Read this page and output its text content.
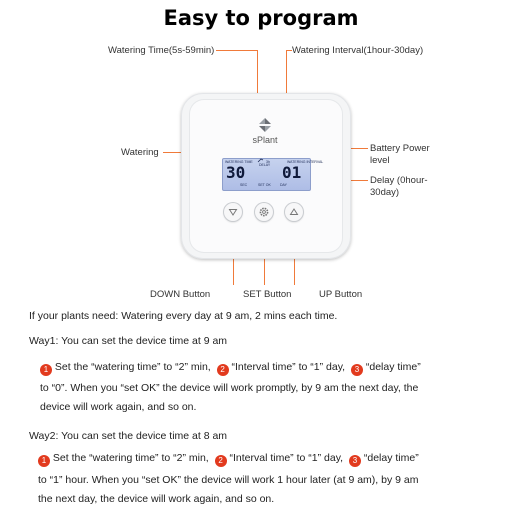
Easy to program
Watering Time(5s-59min)	Watering Interval(1hour-30day)
Watering	Battery Power level
Delay (0hour-30day)
DOWN Button	SET Button	UP Button
sPlant
WATERING TIME	WATERING INTERVAL
DELAY
3h
30 01
SEC	SET OK	DAY
If your plants need: Watering every day at 9 am, 2 mins each time.
Way1: You can set the device time at 9 am
1 Set the “watering time” to “2” min, 2 “Interval time” to “1” day, 3 “delay time”
to “0”. When you “set OK” the device will work promptly, by 9 am the next day, the
device will work again, and so on.
Way2: You can set the device time at 8 am
1 Set the “watering time” to “2” min, 2 “Interval time” to “1” day, 3 “delay time”
to “1” hour. When you “set OK” the device will work 1 hour later (at 9 am), by 9 am
the next day, the device will work again, and so on.
